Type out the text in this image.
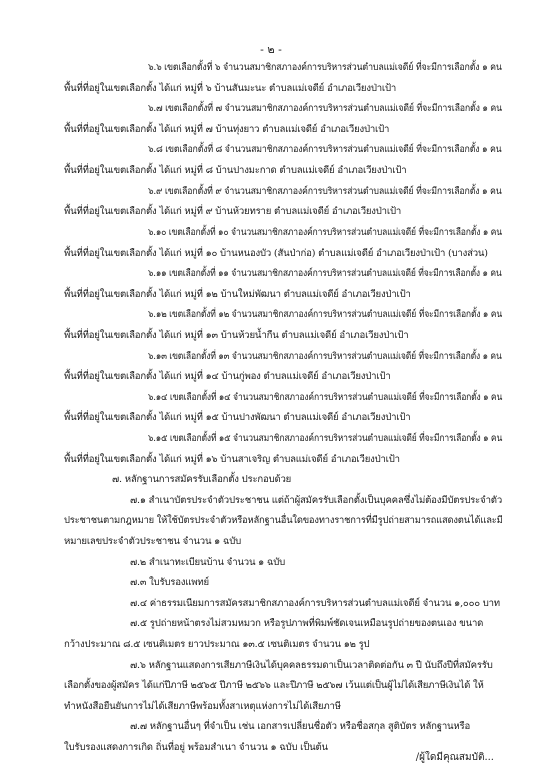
- ๒ -
๖.๖ เขตเลือกตั้งที่ ๖ จำนวนสมาชิกสภาองค์การบริหารส่วนตำบลแม่เจดีย์ ที่จะมีการเลือกตั้ง ๑ คน
พื้นที่ที่อยู่ในเขตเลือกตั้ง ได้แก่ หมู่ที่ ๖ บ้านสันมะนะ ตำบลแม่เจดีย์ อำเภอเวียงป่าเป้า
๖.๗ เขตเลือกตั้งที่ ๗ จำนวนสมาชิกสภาองค์การบริหารส่วนตำบลแม่เจดีย์ ที่จะมีการเลือกตั้ง ๑ คน
พื้นที่ที่อยู่ในเขตเลือกตั้ง ได้แก่ หมู่ที่ ๗ บ้านทุ่งยาว ตำบลแม่เจดีย์ อำเภอเวียงป่าเป้า
๖.๘ เขตเลือกตั้งที่ ๘ จำนวนสมาชิกสภาองค์การบริหารส่วนตำบลแม่เจดีย์ ที่จะมีการเลือกตั้ง ๑ คน
พื้นที่ที่อยู่ในเขตเลือกตั้ง ได้แก่ หมู่ที่ ๘ บ้านปางมะกาด ตำบลแม่เจดีย์ อำเภอเวียงป่าเป้า
๖.๙ เขตเลือกตั้งที่ ๙ จำนวนสมาชิกสภาองค์การบริหารส่วนตำบลแม่เจดีย์ ที่จะมีการเลือกตั้ง ๑ คน
พื้นที่ที่อยู่ในเขตเลือกตั้ง ได้แก่ หมู่ที่ ๙ บ้านห้วยทราย ตำบลแม่เจดีย์ อำเภอเวียงป่าเป้า
๖.๑๐ เขตเลือกตั้งที่ ๑๐ จำนวนสมาชิกสภาองค์การบริหารส่วนตำบลแม่เจดีย์ ที่จะมีการเลือกตั้ง ๑ คน
พื้นที่ที่อยู่ในเขตเลือกตั้ง ได้แก่ หมู่ที่ ๑๐ บ้านหนองบัว (สันป่าก่อ) ตำบลแม่เจดีย์ อำเภอเวียงป่าเป้า (บางส่วน)
๖.๑๑ เขตเลือกตั้งที่ ๑๑ จำนวนสมาชิกสภาองค์การบริหารส่วนตำบลแม่เจดีย์ ที่จะมีการเลือกตั้ง ๑ คน
พื้นที่ที่อยู่ในเขตเลือกตั้ง ได้แก่ หมู่ที่ ๑๒ บ้านใหม่พัฒนา ตำบลแม่เจดีย์ อำเภอเวียงป่าเป้า
๖.๑๒ เขตเลือกตั้งที่ ๑๒ จำนวนสมาชิกสภาองค์การบริหารส่วนตำบลแม่เจดีย์ ที่จะมีการเลือกตั้ง ๑ คน
พื้นที่ที่อยู่ในเขตเลือกตั้ง ได้แก่ หมู่ที่ ๑๓ บ้านห้วยน้ำกืน ตำบลแม่เจดีย์ อำเภอเวียงป่าเป้า
๖.๑๓ เขตเลือกตั้งที่ ๑๓ จำนวนสมาชิกสภาองค์การบริหารส่วนตำบลแม่เจดีย์ ที่จะมีการเลือกตั้ง ๑ คน
พื้นที่ที่อยู่ในเขตเลือกตั้ง ได้แก่ หมู่ที่ ๑๔ บ้านกู่พอง ตำบลแม่เจดีย์ อำเภอเวียงป่าเป้า
๖.๑๔ เขตเลือกตั้งที่ ๑๔ จำนวนสมาชิกสภาองค์การบริหารส่วนตำบลแม่เจดีย์ ที่จะมีการเลือกตั้ง ๑ คน
พื้นที่ที่อยู่ในเขตเลือกตั้ง ได้แก่ หมู่ที่ ๑๕ บ้านปางพัฒนา ตำบลแม่เจดีย์ อำเภอเวียงป่าเป้า
๖.๑๕ เขตเลือกตั้งที่ ๑๕ จำนวนสมาชิกสภาองค์การบริหารส่วนตำบลแม่เจดีย์ ที่จะมีการเลือกตั้ง ๑ คน
พื้นที่ที่อยู่ในเขตเลือกตั้ง ได้แก่ หมู่ที่ ๑๖ บ้านสาเจริญ ตำบลแม่เจดีย์ อำเภอเวียงป่าเป้า
๗. หลักฐานการสมัครรับเลือกตั้ง ประกอบด้วย
๗.๑ สำเนาบัตรประจำตัวประชาชน แต่ถ้าผู้สมัครรับเลือกตั้งเป็นบุคคลซึ่งไม่ต้องมีบัตรประจำตัว
ประชาชนตามกฎหมาย ให้ใช้บัตรประจำตัวหรือหลักฐานอื่นใดของทางราชการที่มีรูปถ่ายสามารถแสดงตนได้และมี
หมายเลขประจำตัวประชาชน จำนวน ๑ ฉบับ
๗.๒ สำเนาทะเบียนบ้าน จำนวน ๑ ฉบับ
๗.๓ ใบรับรองแพทย์
๗.๔ ค่าธรรมเนียมการสมัครสมาชิกสภาองค์การบริหารส่วนตำบลแม่เจดีย์ จำนวน ๑,๐๐๐ บาท
๗.๕ รูปถ่ายหน้าตรงไม่สวมหมวก หรือรูปภาพที่พิมพ์ชัดเจนเหมือนรูปถ่ายของตนเอง ขนาด
กว้างประมาณ ๘.๕ เซนติเมตร ยาวประมาณ ๑๓.๕ เซนติเมตร จำนวน ๑๒ รูป
๗.๖ หลักฐานแสดงการเสียภาษีเงินได้บุคคลธรรมดาเป็นเวลาติดต่อกัน ๓ ปี นับถึงปีที่สมัครรับ
เลือกตั้งของผู้สมัคร ได้แก่ปีภาษี ๒๕๖๕ ปีภาษี ๒๕๖๖ และปีภาษี ๒๕๖๗ เว้นแต่เป็นผู้ไม่ได้เสียภาษีเงินได้ ให้
ทำหนังสือยืนยันการไม่ได้เสียภาษีพร้อมทั้งสาเหตุแห่งการไม่ได้เสียภาษี
๗.๗ หลักฐานอื่นๆ ที่จำเป็น เช่น เอกสารเปลี่ยนชื่อตัว หรือชื่อสกุล สูติบัตร หลักฐานหรือ
ใบรับรองแสดงการเกิด ถิ่นที่อยู่ พร้อมสำเนา จำนวน ๑ ฉบับ เป็นต้น
/ผู้ใดมีคุณสมบัติ...
